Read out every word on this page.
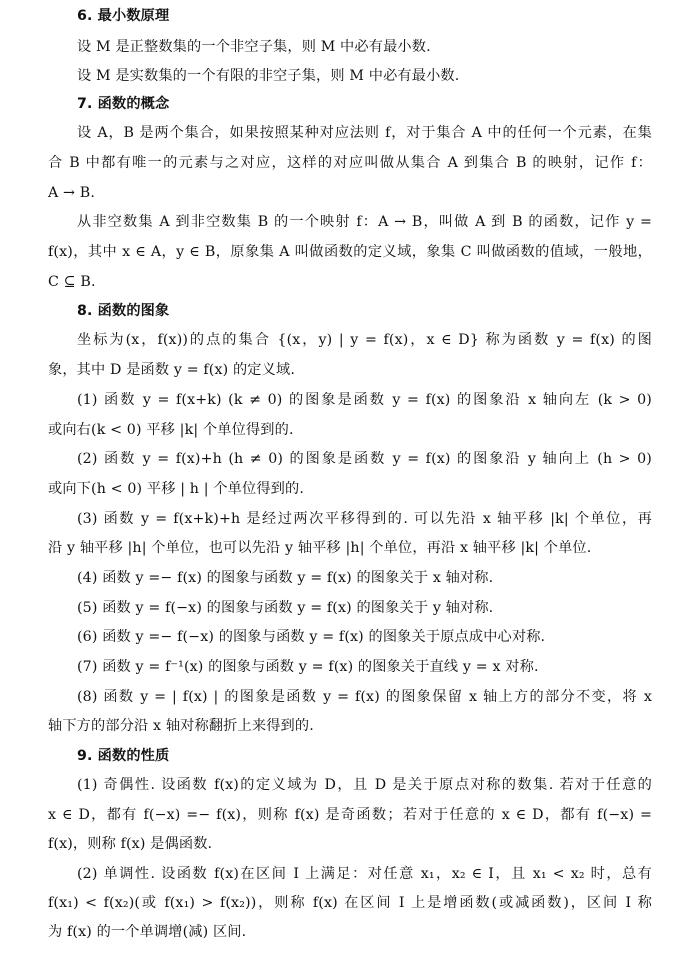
6. 最小数原理
设 M 是正整数集的一个非空子集，则 M 中必有最小数.
设 M 是实数集的一个有限的非空子集，则 M 中必有最小数.
7. 函数的概念
设 A，B 是两个集合，如果按照某种对应法则 f，对于集合 A 中的任何一个元素，在集
合 B 中都有唯一的元素与之对应，这样的对应叫做从集合 A 到集合 B 的映射，记作 f：
A → B.
从非空数集 A 到非空数集 B 的一个映射 f：A → B，叫做 A 到 B 的函数，记作 y =
f(x)，其中 x ∈ A，y ∈ B，原象集 A 叫做函数的定义域，象集 C 叫做函数的值域，一般地，
C ⊆ B.
8. 函数的图象
坐标为(x，f(x))的点的集合 {(x，y) | y = f(x)，x ∈ D} 称为函数 y = f(x) 的图
象，其中 D 是函数 y = f(x) 的定义域.
(1) 函数 y = f(x+k) (k ≠ 0) 的图象是函数 y = f(x) 的图象沿 x 轴向左 (k > 0)
或向右(k < 0) 平移 |k| 个单位得到的.
(2) 函数 y = f(x)+h (h ≠ 0) 的图象是函数 y = f(x) 的图象沿 y 轴向上 (h > 0)
或向下(h < 0) 平移 | h | 个单位得到的.
(3) 函数 y = f(x+k)+h 是经过两次平移得到的. 可以先沿 x 轴平移 |k| 个单位，再
沿 y 轴平移 |h| 个单位，也可以先沿 y 轴平移 |h| 个单位，再沿 x 轴平移 |k| 个单位.
(4) 函数 y =− f(x) 的图象与函数 y = f(x) 的图象关于 x 轴对称.
(5) 函数 y = f(−x) 的图象与函数 y = f(x) 的图象关于 y 轴对称.
(6) 函数 y =− f(−x) 的图象与函数 y = f(x) 的图象关于原点成中心对称.
(7) 函数 y = f⁻¹(x) 的图象与函数 y = f(x) 的图象关于直线 y = x 对称.
(8) 函数 y = | f(x) | 的图象是函数 y = f(x) 的图象保留 x 轴上方的部分不变，将 x
轴下方的部分沿 x 轴对称翻折上来得到的.
9. 函数的性质
(1) 奇偶性. 设函数 f(x)的定义域为 D，且 D 是关于原点对称的数集. 若对于任意的
x ∈ D，都有 f(−x) =− f(x)，则称 f(x) 是奇函数；若对于任意的 x ∈ D，都有 f(−x) =
f(x)，则称 f(x) 是偶函数.
(2) 单调性. 设函数 f(x)在区间 I 上满足：对任意 x₁，x₂ ∈ I，且 x₁ < x₂ 时，总有
f(x₁) < f(x₂)(或 f(x₁) > f(x₂))，则称 f(x) 在区间 I 上是增函数(或减函数)，区间 I 称
为 f(x) 的一个单调增(减) 区间.
